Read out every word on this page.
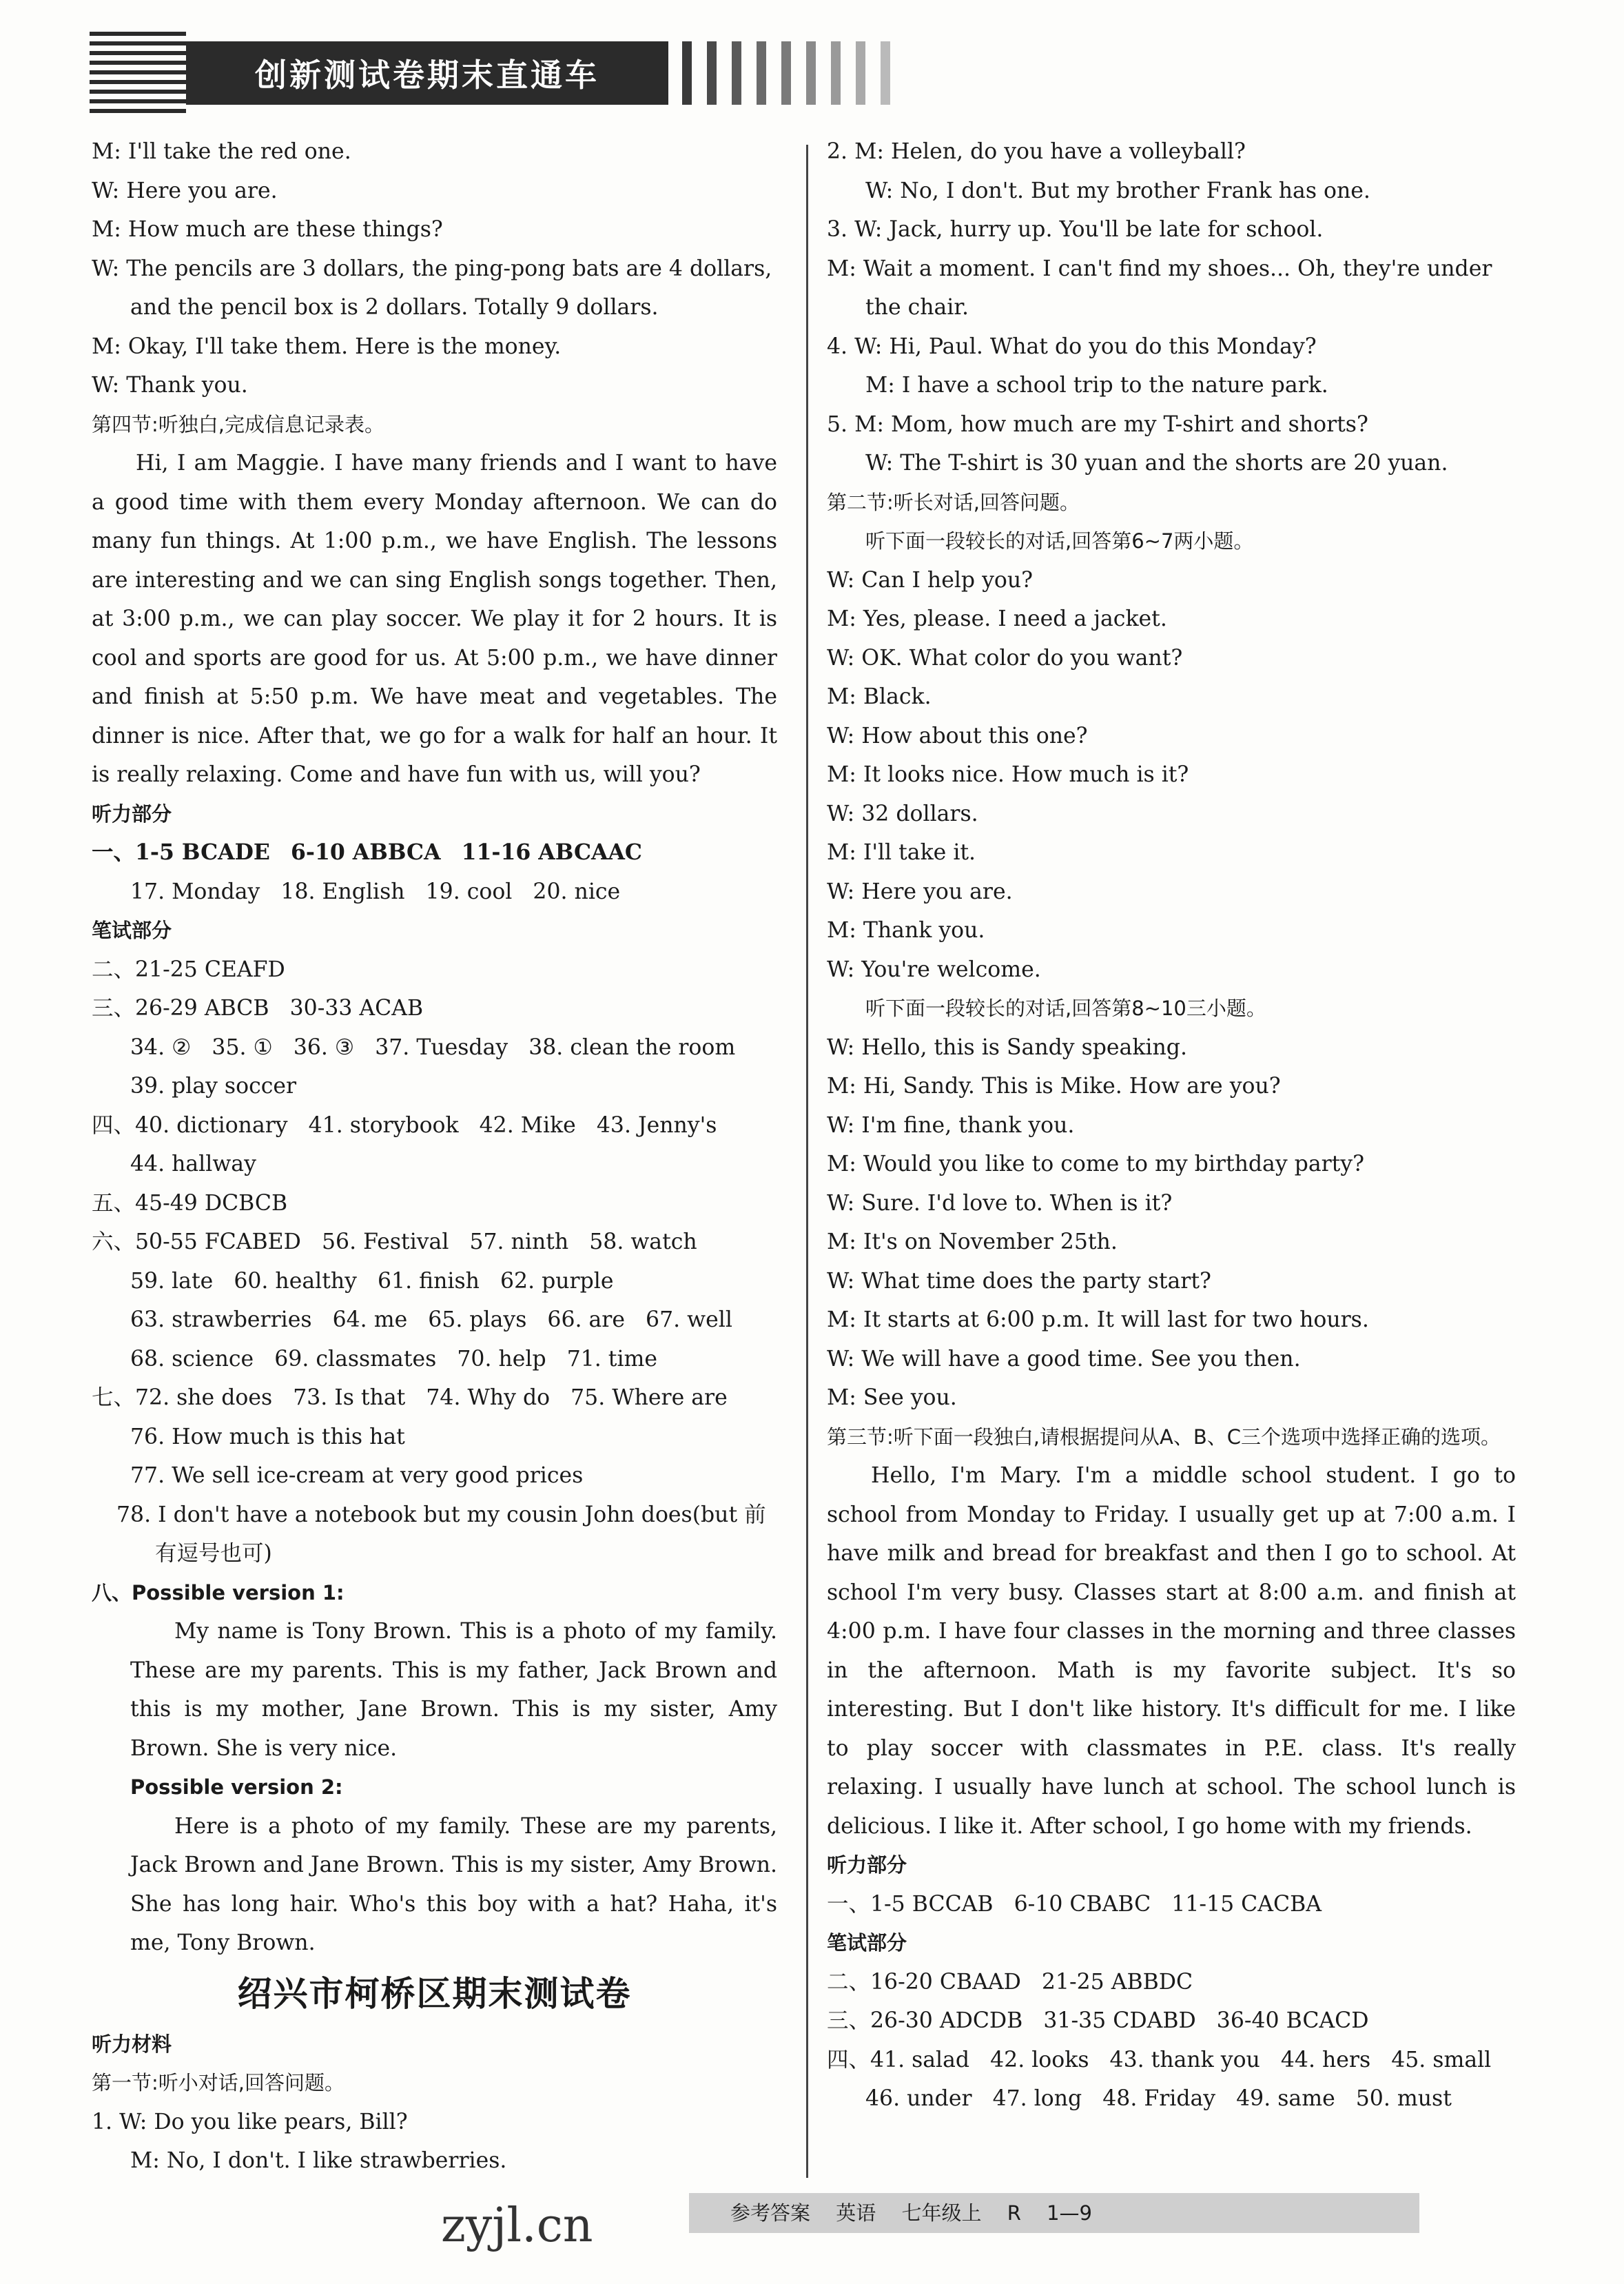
创新测试卷期末直通车

M: I'll take the red one.

W: Here you are.

M: How much are these things?

W: The pencils are 3 dollars, the ping-pong bats are 4 dollars, and the pencil box is 2 dollars. Totally 9 dollars.

M: Okay, I'll take them. Here is the money.

W: Thank you.

第四节:听独白,完成信息记录表。

Hi, I am Maggie. I have many friends and I want to have a good time with them every Monday afternoon. We can do many fun things. At 1:00 p.m., we have English. The lessons are interesting and we can sing English songs together. Then, at 3:00 p.m., we can play soccer. We play it for 2 hours. It is cool and sports are good for us. At 5:00 p.m., we have dinner and finish at 5:50 p.m. We have meat and vegetables. The dinner is nice. After that, we go for a walk for half an hour. It is really relaxing. Come and have fun with us, will you?

听力部分

一、1-5 BCADE 6-10 ABBCA 11-16 ABCAAC

17. Monday 18. English 19. cool 20. nice

笔试部分

二、21-25 CEAFD

三、26-29 ABCB 30-33 ACAB

34. ② 35. ① 36. ③ 37. Tuesday 38. clean the room

39. play soccer

四、40. dictionary 41. storybook 42. Mike 43. Jenny's

44. hallway

五、45-49 DCBCB

六、50-55 FCABED 56. Festival 57. ninth 58. watch

59. late 60. healthy 61. finish 62. purple

63. strawberries 64. me 65. plays 66. are 67. well

68. science 69. classmates 70. help 71. time

七、72. she does 73. Is that 74. Why do 75. Where are

76. How much is this hat

77. We sell ice-cream at very good prices

78. I don't have a notebook but my cousin John does(but 前有逗号也可)

八、Possible version 1:

My name is Tony Brown. This is a photo of my family. These are my parents. This is my father, Jack Brown and this is my mother, Jane Brown. This is my sister, Amy Brown. She is very nice.

Possible version 2:

Here is a photo of my family. These are my parents, Jack Brown and Jane Brown. This is my sister, Amy Brown. She has long hair. Who's this boy with a hat? Haha, it's me, Tony Brown.

绍兴市柯桥区期末测试卷

听力材料

第一节:听小对话,回答问题。

1. W: Do you like pears, Bill?

M: No, I don't. I like strawberries.

2. M: Helen, do you have a volleyball?

W: No, I don't. But my brother Frank has one.

3. W: Jack, hurry up. You'll be late for school.

M: Wait a moment. I can't find my shoes... Oh, they're under the chair.

4. W: Hi, Paul. What do you do this Monday?

M: I have a school trip to the nature park.

5. M: Mom, how much are my T-shirt and shorts?

W: The T-shirt is 30 yuan and the shorts are 20 yuan.

第二节:听长对话,回答问题。

听下面一段较长的对话,回答第6~7两小题。

W: Can I help you?

M: Yes, please. I need a jacket.

W: OK. What color do you want?

M: Black.

W: How about this one?

M: It looks nice. How much is it?

W: 32 dollars.

M: I'll take it.

W: Here you are.

M: Thank you.

W: You're welcome.

听下面一段较长的对话,回答第8~10三小题。

W: Hello, this is Sandy speaking.

M: Hi, Sandy. This is Mike. How are you?

W: I'm fine, thank you.

M: Would you like to come to my birthday party?

W: Sure. I'd love to. When is it?

M: It's on November 25th.

W: What time does the party start?

M: It starts at 6:00 p.m. It will last for two hours.

W: We will have a good time. See you then.

M: See you.

第三节:听下面一段独白,请根据提问从A、B、C三个选项中选择正确的选项。

Hello, I'm Mary. I'm a middle school student. I go to school from Monday to Friday. I usually get up at 7:00 a.m. I have milk and bread for breakfast and then I go to school. At school I'm very busy. Classes start at 8:00 a.m. and finish at 4:00 p.m. I have four classes in the morning and three classes in the afternoon. Math is my favorite subject. It's so interesting. But I don't like history. It's difficult for me. I like to play soccer with classmates in P.E. class. It's really relaxing. I usually have lunch at school. The school lunch is delicious. I like it. After school, I go home with my friends.

听力部分

一、1-5 BCCAB 6-10 CBABC 11-15 CACBA

笔试部分

二、16-20 CBAAD 21-25 ABBDC

三、26-30 ADCDB 31-35 CDABD 36-40 BCACD

四、41. salad 42. looks 43. thank you 44. hers 45. small

46. under 47. long 48. Friday 49. same 50. must

zyjl.cn	参考答案 英语 七年级上 R 1—9
